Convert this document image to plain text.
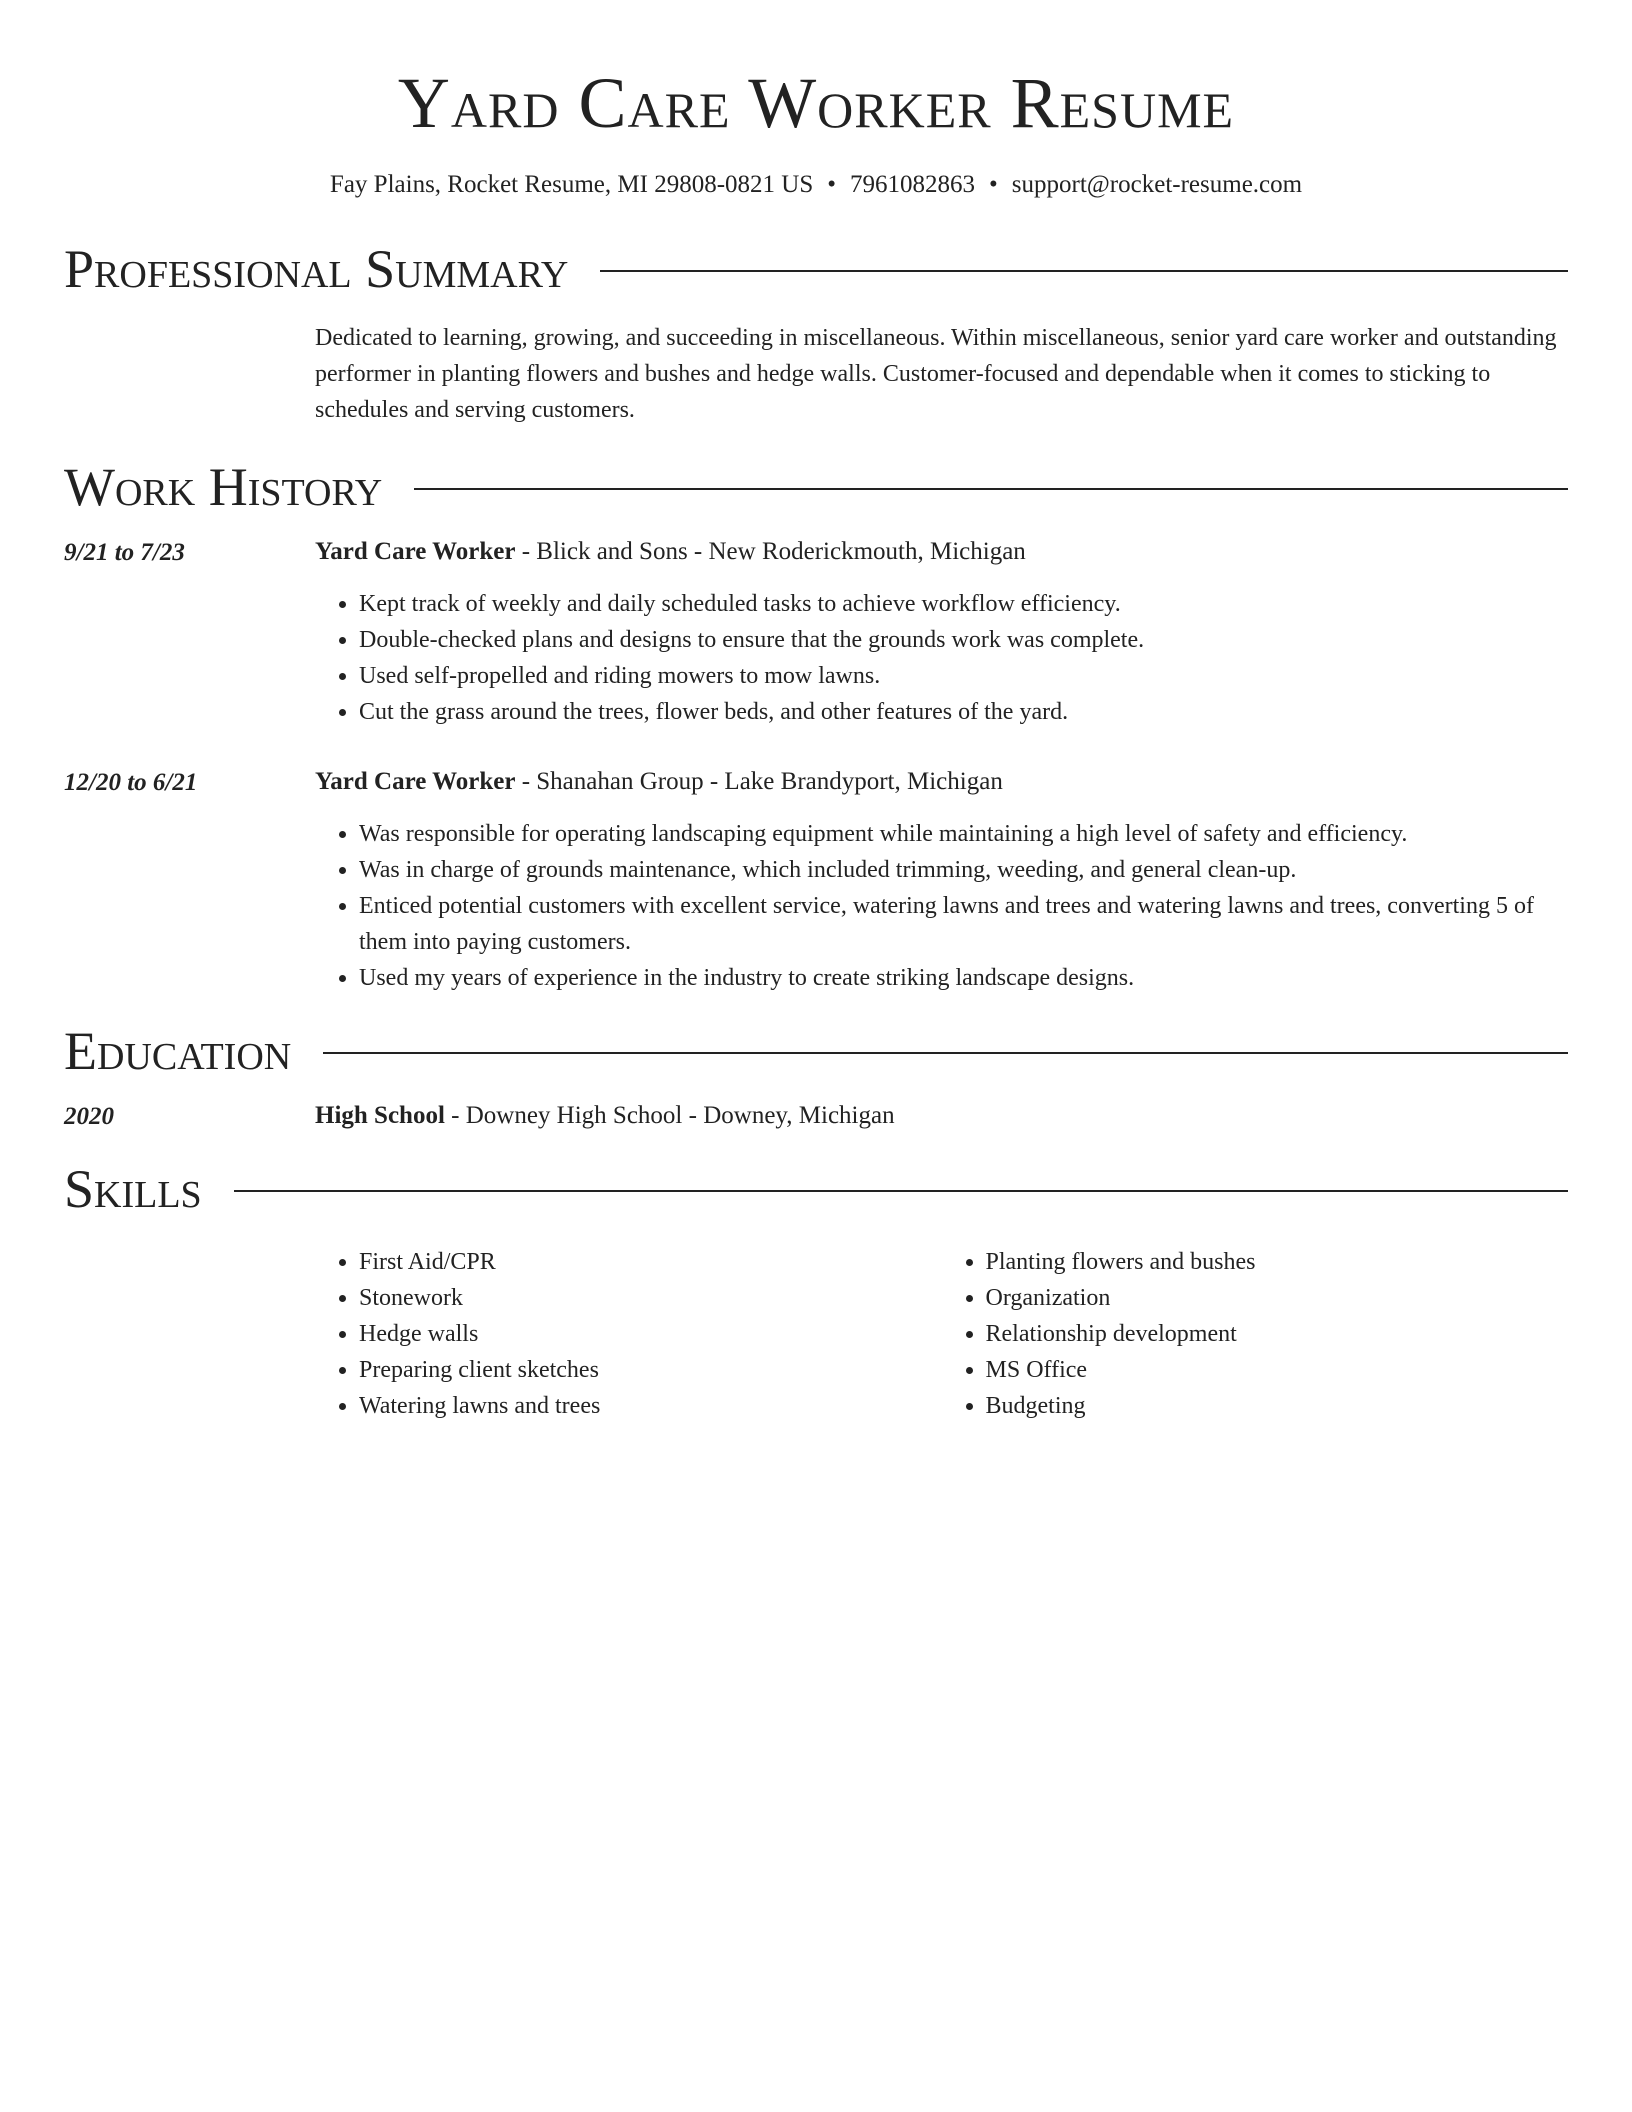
Yard Care Worker Resume
Fay Plains, Rocket Resume, MI 29808-0821 US • 7961082863 • support@rocket-resume.com
Professional Summary
Dedicated to learning, growing, and succeeding in miscellaneous. Within miscellaneous, senior yard care worker and outstanding performer in planting flowers and bushes and hedge walls. Customer-focused and dependable when it comes to sticking to schedules and serving customers.
Work History
9/21 to 7/23	Yard Care Worker - Blick and Sons - New Roderickmouth, Michigan
• Kept track of weekly and daily scheduled tasks to achieve workflow efficiency.
• Double-checked plans and designs to ensure that the grounds work was complete.
• Used self-propelled and riding mowers to mow lawns.
• Cut the grass around the trees, flower beds, and other features of the yard.
12/20 to 6/21	Yard Care Worker - Shanahan Group - Lake Brandyport, Michigan
• Was responsible for operating landscaping equipment while maintaining a high level of safety and efficiency.
• Was in charge of grounds maintenance, which included trimming, weeding, and general clean-up.
• Enticed potential customers with excellent service, watering lawns and trees and watering lawns and trees, converting 5 of them into paying customers.
• Used my years of experience in the industry to create striking landscape designs.
Education
2020	High School - Downey High School - Downey, Michigan
Skills
• First Aid/CPR
• Stonework
• Hedge walls
• Preparing client sketches
• Watering lawns and trees
• Planting flowers and bushes
• Organization
• Relationship development
• MS Office
• Budgeting
